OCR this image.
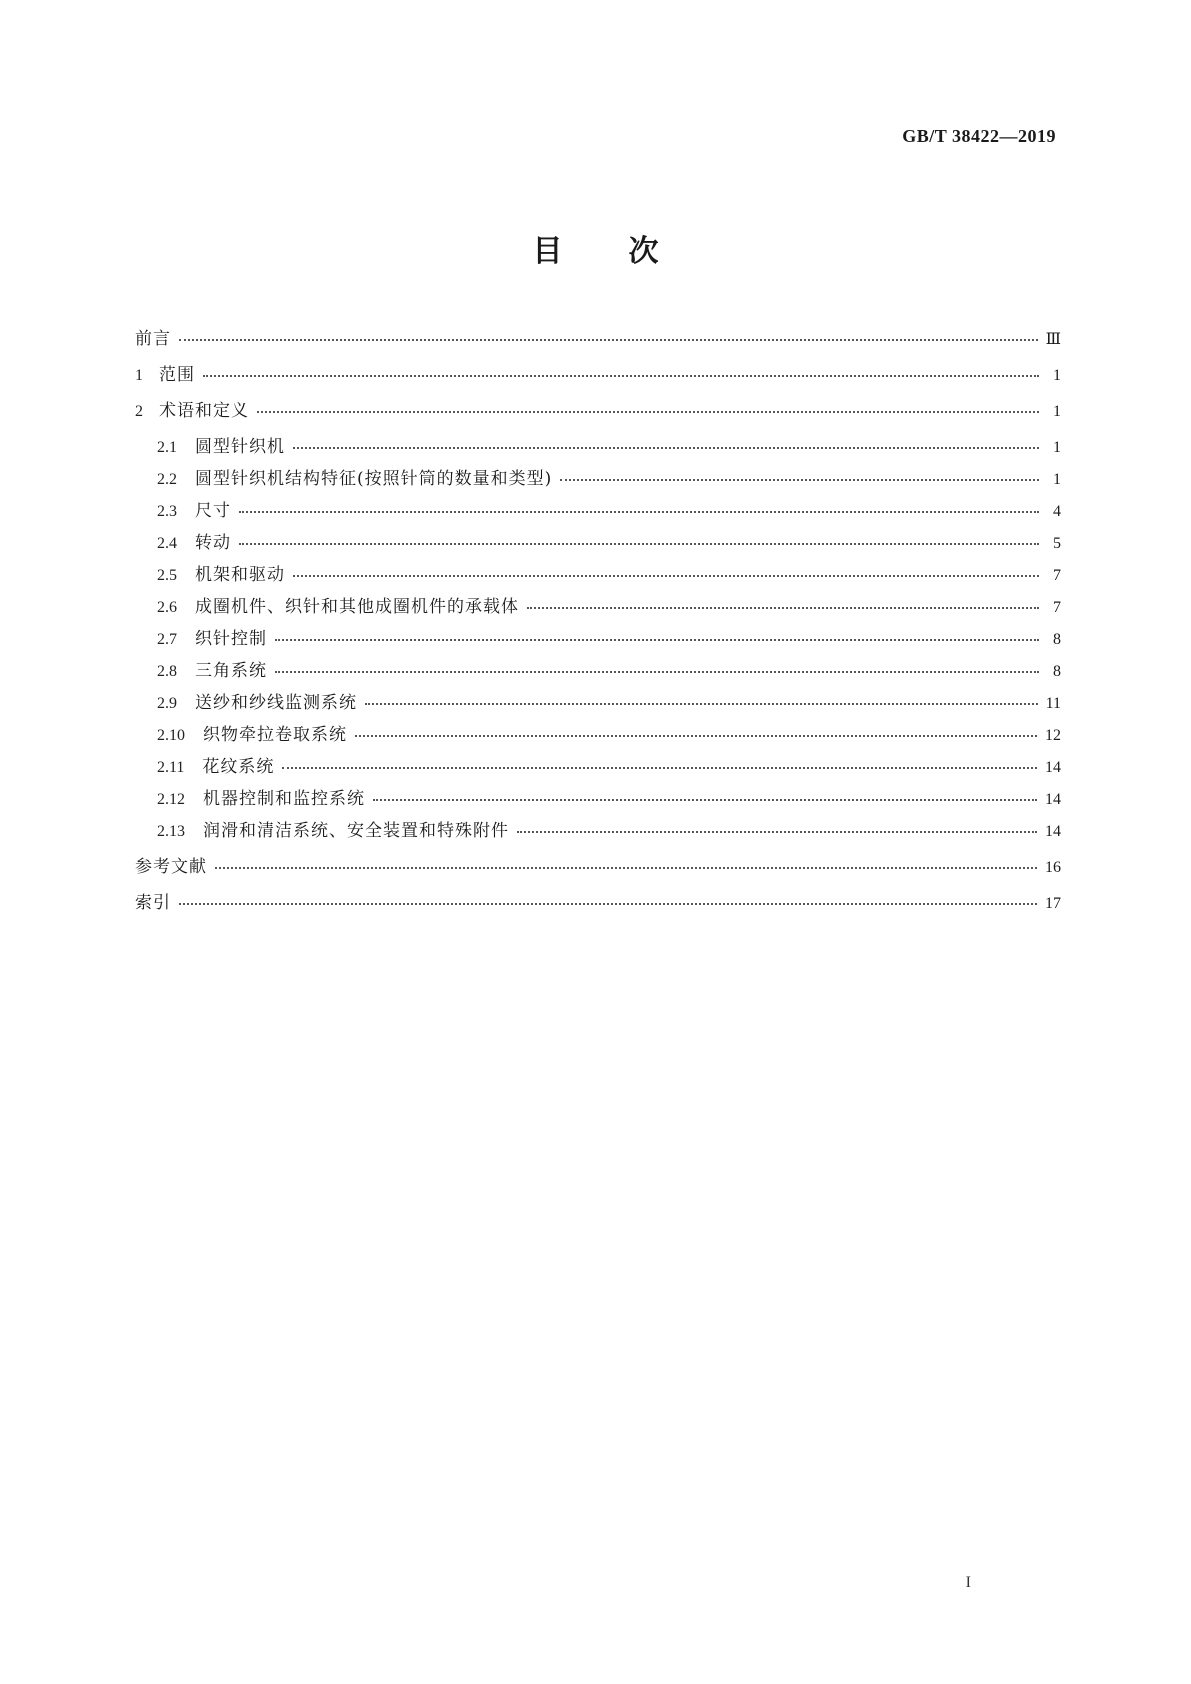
GB/T 38422—2019
目 次
前言	Ⅲ
1 范围	1
2 术语和定义	1
2.1 圆型针织机	1
2.2 圆型针织机结构特征(按照针筒的数量和类型)	1
2.3 尺寸	4
2.4 转动	5
2.5 机架和驱动	7
2.6 成圈机件、织针和其他成圈机件的承载体	7
2.7 织针控制	8
2.8 三角系统	8
2.9 送纱和纱线监测系统	11
2.10 织物牵拉卷取系统	12
2.11 花纹系统	14
2.12 机器控制和监控系统	14
2.13 润滑和清洁系统、安全装置和特殊附件	14
参考文献	16
索引	17
I
